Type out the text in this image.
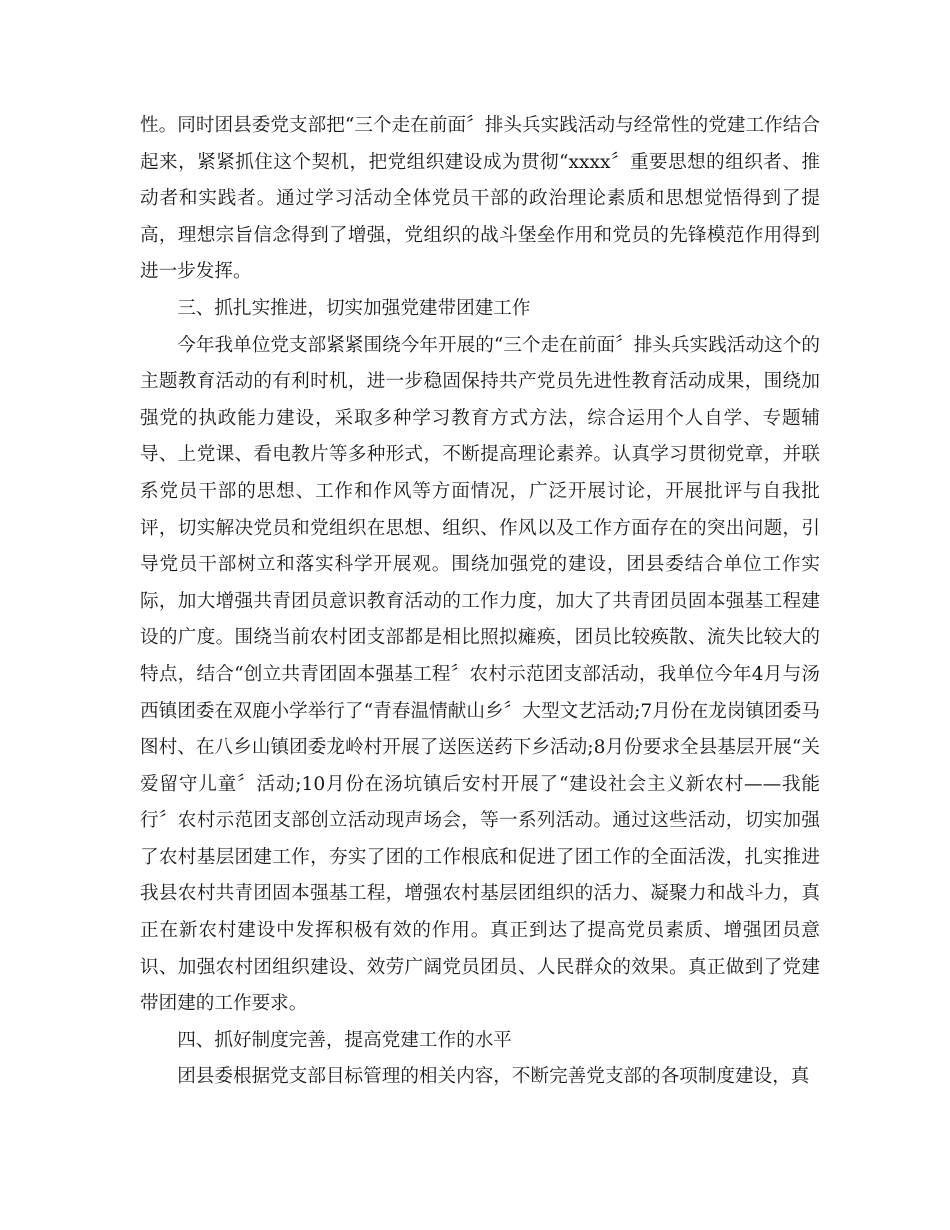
性。同时团县委党支部把“三个走在前面〞排头兵实践活动与经常性的党建工作结合起来，紧紧抓住这个契机，把党组织建设成为贯彻“xxxx〞重要思想的组织者、推动者和实践者。通过学习活动全体党员干部的政治理论素质和思想觉悟得到了提高，理想宗旨信念得到了增强，党组织的战斗堡垒作用和党员的先锋模范作用得到进一步发挥。

三、抓扎实推进，切实加强党建带团建工作

今年我单位党支部紧紧围绕今年开展的“三个走在前面〞排头兵实践活动这个的主题教育活动的有利时机，进一步稳固保持共产党员先进性教育活动成果，围绕加强党的执政能力建设，采取多种学习教育方式方法，综合运用个人自学、专题辅导、上党课、看电教片等多种形式，不断提高理论素养。认真学习贯彻党章，并联系党员干部的思想、工作和作风等方面情况，广泛开展讨论，开展批评与自我批评，切实解决党员和党组织在思想、组织、作风以及工作方面存在的突出问题，引导党员干部树立和落实科学开展观。围绕加强党的建设，团县委结合单位工作实际，加大增强共青团员意识教育活动的工作力度，加大了共青团员固本强基工程建设的广度。围绕当前农村团支部都是相比照拟瘫痪，团员比较痪散、流失比较大的特点，结合“创立共青团固本强基工程〞农村示范团支部活动，我单位今年4月与汤西镇团委在双鹿小学举行了“青春温情献山乡〞大型文艺活动;7月份在龙岗镇团委马图村、在八乡山镇团委龙岭村开展了送医送药下乡活动;8月份要求全县基层开展“关爱留守儿童〞活动;10月份在汤坑镇后安村开展了“建设社会主义新农村——我能行〞农村示范团支部创立活动现声场会，等一系列活动。通过这些活动，切实加强了农村基层团建工作，夯实了团的工作根底和促进了团工作的全面活泼，扎实推进我县农村共青团固本强基工程，增强农村基层团组织的活力、凝聚力和战斗力，真正在新农村建设中发挥积极有效的作用。真正到达了提高党员素质、增强团员意识、加强农村团组织建设、效劳广阔党员团员、人民群众的效果。真正做到了党建带团建的工作要求。

四、抓好制度完善，提高党建工作的水平

团县委根据党支部目标管理的相关内容，不断完善党支部的各项制度建设，真
